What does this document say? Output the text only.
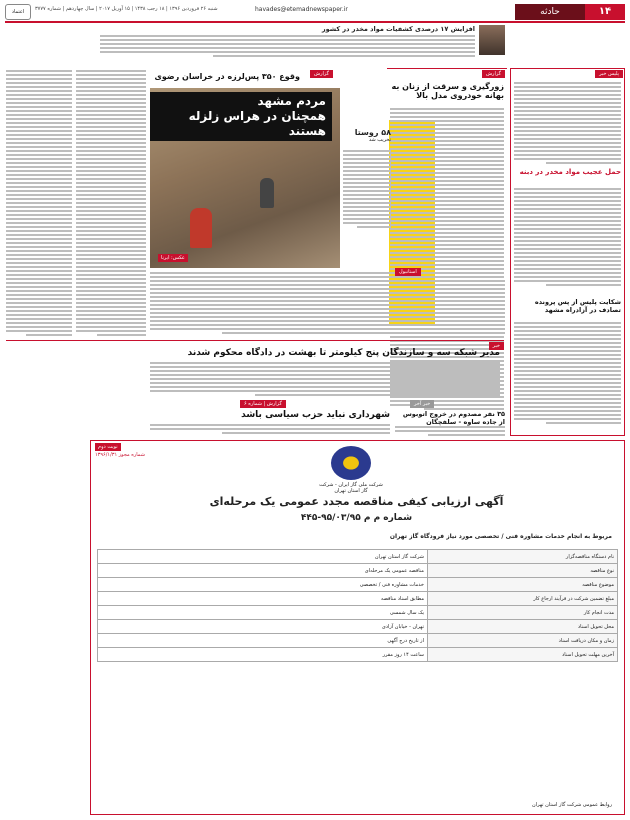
۱۴
حادثه
havades@etemadnewspaper.ir
شنبه ۲۶ فروردین ۱۳۹۶ | ۱۸ رجب ۱۴۳۸ | ۱۵ آوریل ۲۰۱۷ | سال چهاردهم | شماره ۳۷۷۷
اعتماد
افزایش ۱۷ درصدی کشفیات مواد مخدر در کشور
پلیس خبر
حمل عجیب مواد مخدر در دبنه
شکایت پلیس از پس پرونده تصادف در آزادراه مشهد
گزارش
زورگیری و سرقت از زنان به بهانه خودروی مدل بالا
گزارش
وقوع ۳۵۰ پس‌لرزه در خراسان رضوی
مردم مشهد
همچنان در هراس زلزله هستند
عکس: ایرنا
۵۸ روستا
تخریب شد
استانبول
خبر
مدیر شبکه سه و سازندگان پنج کیلومتر تا بهشت در دادگاه محکوم شدند
خبر آخر
۳۵ نفر مصدوم در خروج اتوبوس از جاده ساوه - سلفچگان
گزارش | شماره ۶
شهرداری نباید حزب سیاسی باشد
نوبت دوم
شماره مجوز ۱۳۹۶/۱/۳۱
شرکت ملی گاز ایران - شرکت گاز استان تهران
آگهی ارزیابی کیفی مناقصه مجدد عمومی یک مرحله‌ای
شماره م م ۹۵/۰۳/۹۵-۴۴۵
مربوط به انجام خدمات مشاوره فنی / تخصصی مورد نیاز فرودگاه گاز تهران
نام دستگاه مناقصه‌گزار	شرکت گاز استان تهران
نوع مناقصه	مناقصه عمومی یک مرحله‌ای
موضوع مناقصه	خدمات مشاوره فنی / تخصصی
مبلغ تضمین شرکت در فرآیند ارجاع کار	مطابق اسناد مناقصه
مدت انجام کار	یک سال شمسی
محل تحویل اسناد	تهران - خیابان آزادی
زمان و مکان دریافت اسناد	از تاریخ درج آگهی
آخرین مهلت تحویل اسناد	ساعت ۱۴ روز مقرر
روابط عمومی شرکت گاز استان تهران
